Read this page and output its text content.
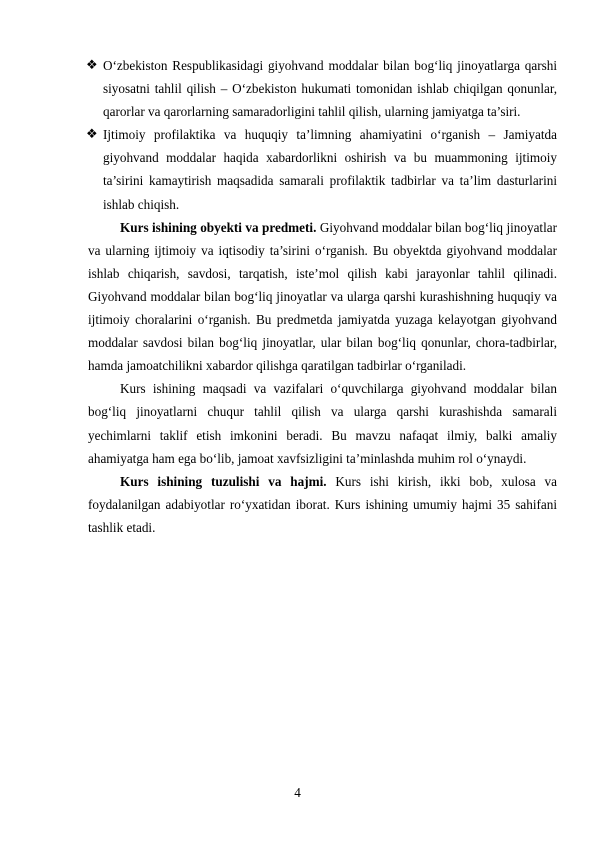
❖ O‘zbekiston Respublikasidagi giyohvand moddalar bilan bog‘liq jinoyatlarga qarshi siyosatni tahlil qilish – O‘zbekiston hukumati tomonidan ishlab chiqilgan qonunlar, qarorlar va qarorlarning samaradorligini tahlil qilish, ularning jamiyatga ta’siri.
❖ Ijtimoiy profilaktika va huquqiy ta’limning ahamiyatini o‘rganish – Jamiyatda giyohvand moddalar haqida xabardorlikni oshirish va bu muammoning ijtimoiy ta’sirini kamaytirish maqsadida samarali profilaktik tadbirlar va ta’lim dasturlarini ishlab chiqish.

Kurs ishining obyekti va predmeti. Giyohvand moddalar bilan bog‘liq jinoyatlar va ularning ijtimoiy va iqtisodiy ta’sirini o‘rganish. Bu obyektda giyohvand moddalar ishlab chiqarish, savdosi, tarqatish, iste’mol qilish kabi jarayonlar tahlil qilinadi. Giyohvand moddalar bilan bog‘liq jinoyatlar va ularga qarshi kurashishning huquqiy va ijtimoiy choralarini o‘rganish. Bu predmetda jamiyatda yuzaga kelayotgan giyohvand moddalar savdosi bilan bog‘liq jinoyatlar, ular bilan bog‘liq qonunlar, chora-tadbirlar, hamda jamoatchilikni xabardor qilishga qaratilgan tadbirlar o‘rganiladi.

Kurs ishining maqsadi va vazifalari o‘quvchilarga giyohvand moddalar bilan bog‘liq jinoyatlarni chuqur tahlil qilish va ularga qarshi kurashishda samarali yechimlarni taklif etish imkonini beradi. Bu mavzu nafaqat ilmiy, balki amaliy ahamiyatga ham ega bo‘lib, jamoat xavfsizligini ta’minlashda muhim rol o‘ynaydi.

Kurs ishining tuzulishi va hajmi. Kurs ishi kirish, ikki bob, xulosa va foydalanilgan adabiyotlar ro‘yxatidan iborat. Kurs ishining umumiy hajmi 35 sahifani tashlik etadi.

4
